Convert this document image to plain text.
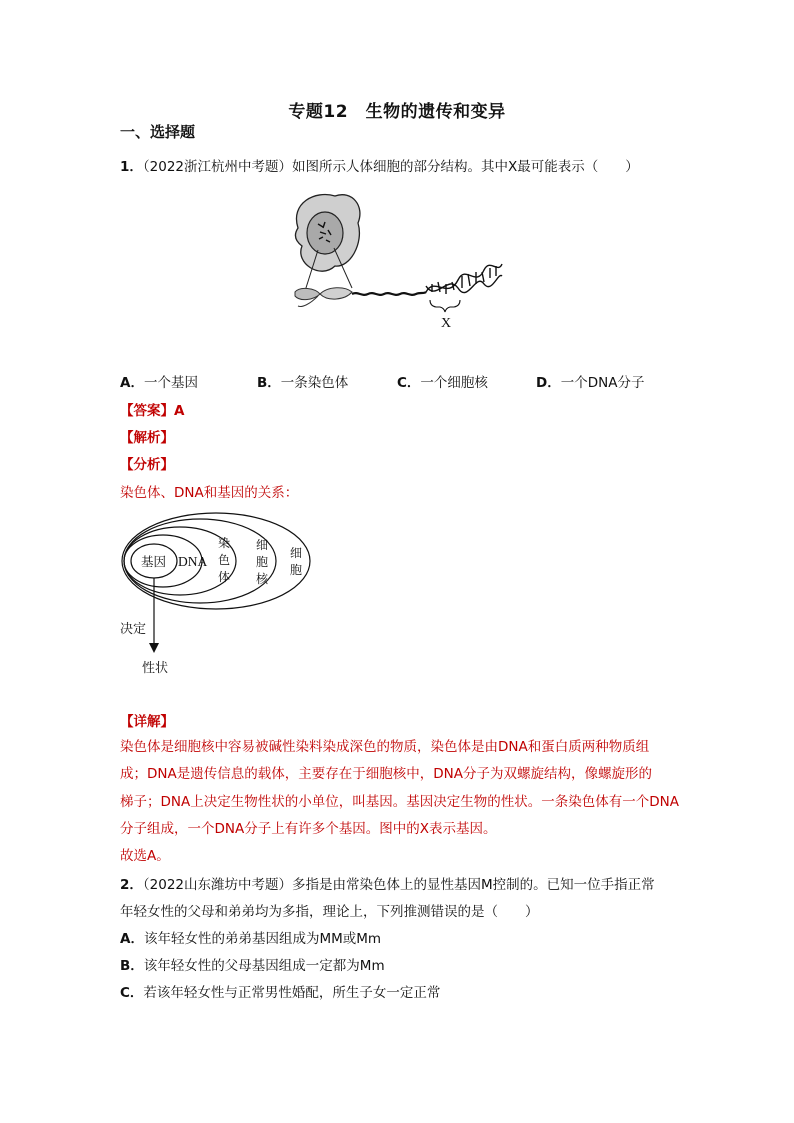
专题12　生物的遗传和变异
一、选择题
1．（2022浙江杭州中考题）如图所示人体细胞的部分结构。其中X最可能表示（　　）
X
A．一个基因	B．一条染色体	C．一个细胞核	D．一个DNA分子
【答案】A
【解析】
【分析】
染色体、DNA和基因的关系：
基因 DNA
染
色
体
细
胞
核
细
胞
决定
性状
【详解】
染色体是细胞核中容易被碱性染料染成深色的物质，染色体是由DNA和蛋白质两种物质组
成；DNA是遗传信息的载体，主要存在于细胞核中，DNA分子为双螺旋结构，像螺旋形的
梯子；DNA上决定生物性状的小单位，叫基因。基因决定生物的性状。一条染色体有一个DNA
分子组成，一个DNA分子上有许多个基因。图中的X表示基因。
故选A。
2．（2022山东潍坊中考题）多指是由常染色体上的显性基因M控制的。已知一位手指正常
年轻女性的父母和弟弟均为多指，理论上，下列推测错误的是（　　）
A．该年轻女性的弟弟基因组成为MM或Mm
B．该年轻女性的父母基因组成一定都为Mm
C．若该年轻女性与正常男性婚配，所生子女一定正常
